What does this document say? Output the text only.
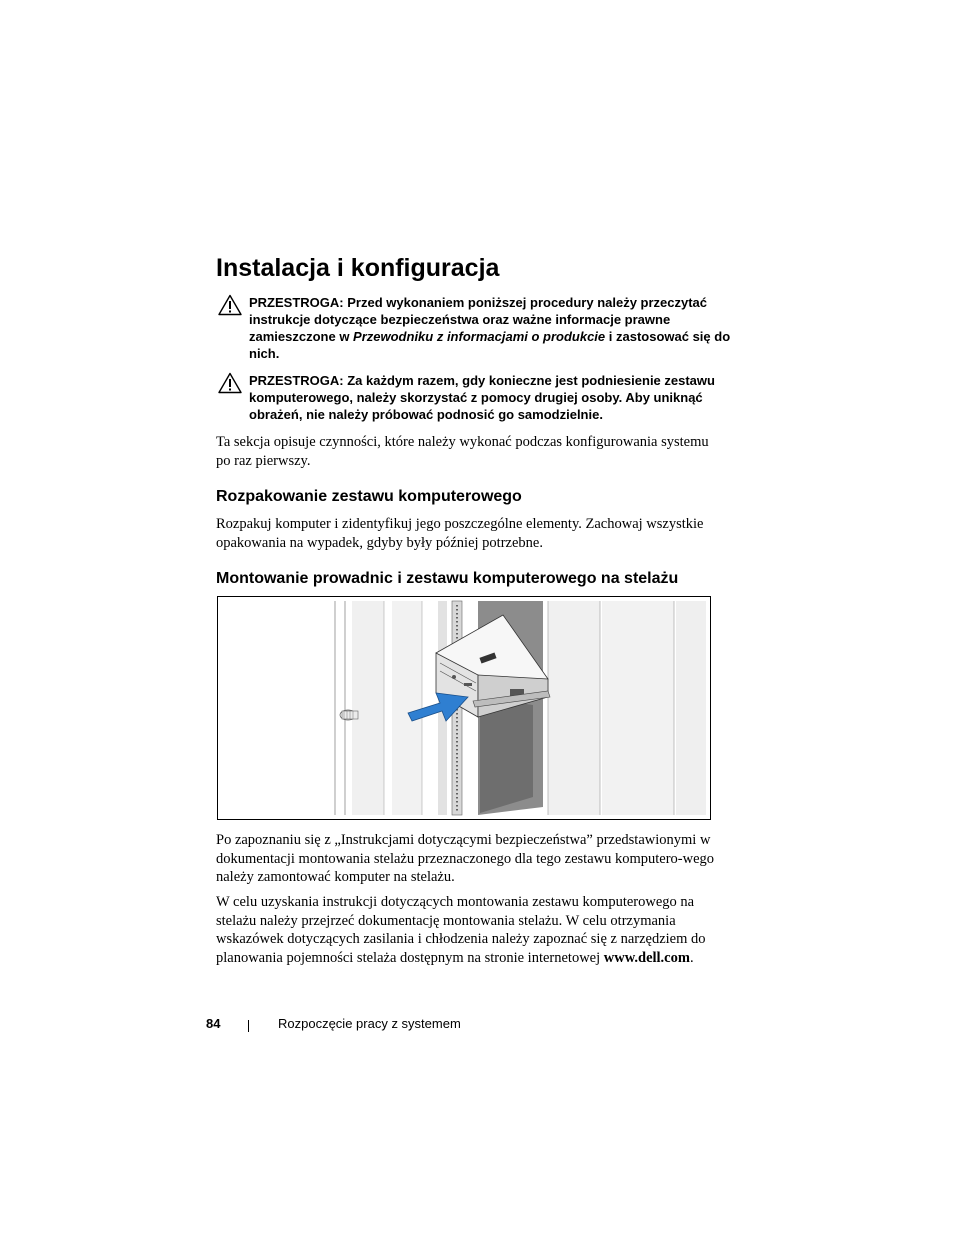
Instalacja i konfiguracja
PRZESTROGA: Przed wykonaniem poniższej procedury należy przeczytać instrukcje dotyczące bezpieczeństwa oraz ważne informacje prawne zamieszczone w Przewodniku z informacjami o produkcie i zastosować się do nich.
PRZESTROGA: Za każdym razem, gdy konieczne jest podniesienie zestawu komputerowego, należy skorzystać z pomocy drugiej osoby. Aby uniknąć obrażeń, nie należy próbować podnosić go samodzielnie.
Ta sekcja opisuje czynności, które należy wykonać podczas konfigurowania systemu po raz pierwszy.
Rozpakowanie zestawu komputerowego
Rozpakuj komputer i zidentyfikuj jego poszczególne elementy. Zachowaj wszystkie opakowania na wypadek, gdyby były później potrzebne.
Montowanie prowadnic i zestawu komputerowego na stelażu
Po zapoznaniu się z „Instrukcjami dotyczącymi bezpieczeństwa” przedstawionymi w dokumentacji montowania stelażu przeznaczonego dla tego zestawu komputero-wego należy zamontować komputer na stelażu.
W celu uzyskania instrukcji dotyczących montowania zestawu komputerowego na stelażu należy przejrzeć dokumentację montowania stelażu. W celu otrzymania wskazówek dotyczących zasilania i chłodzenia należy zapoznać się z narzędziem do planowania pojemności stelaża dostępnym na stronie internetowej www.dell.com.
84	Rozpoczęcie pracy z systemem
